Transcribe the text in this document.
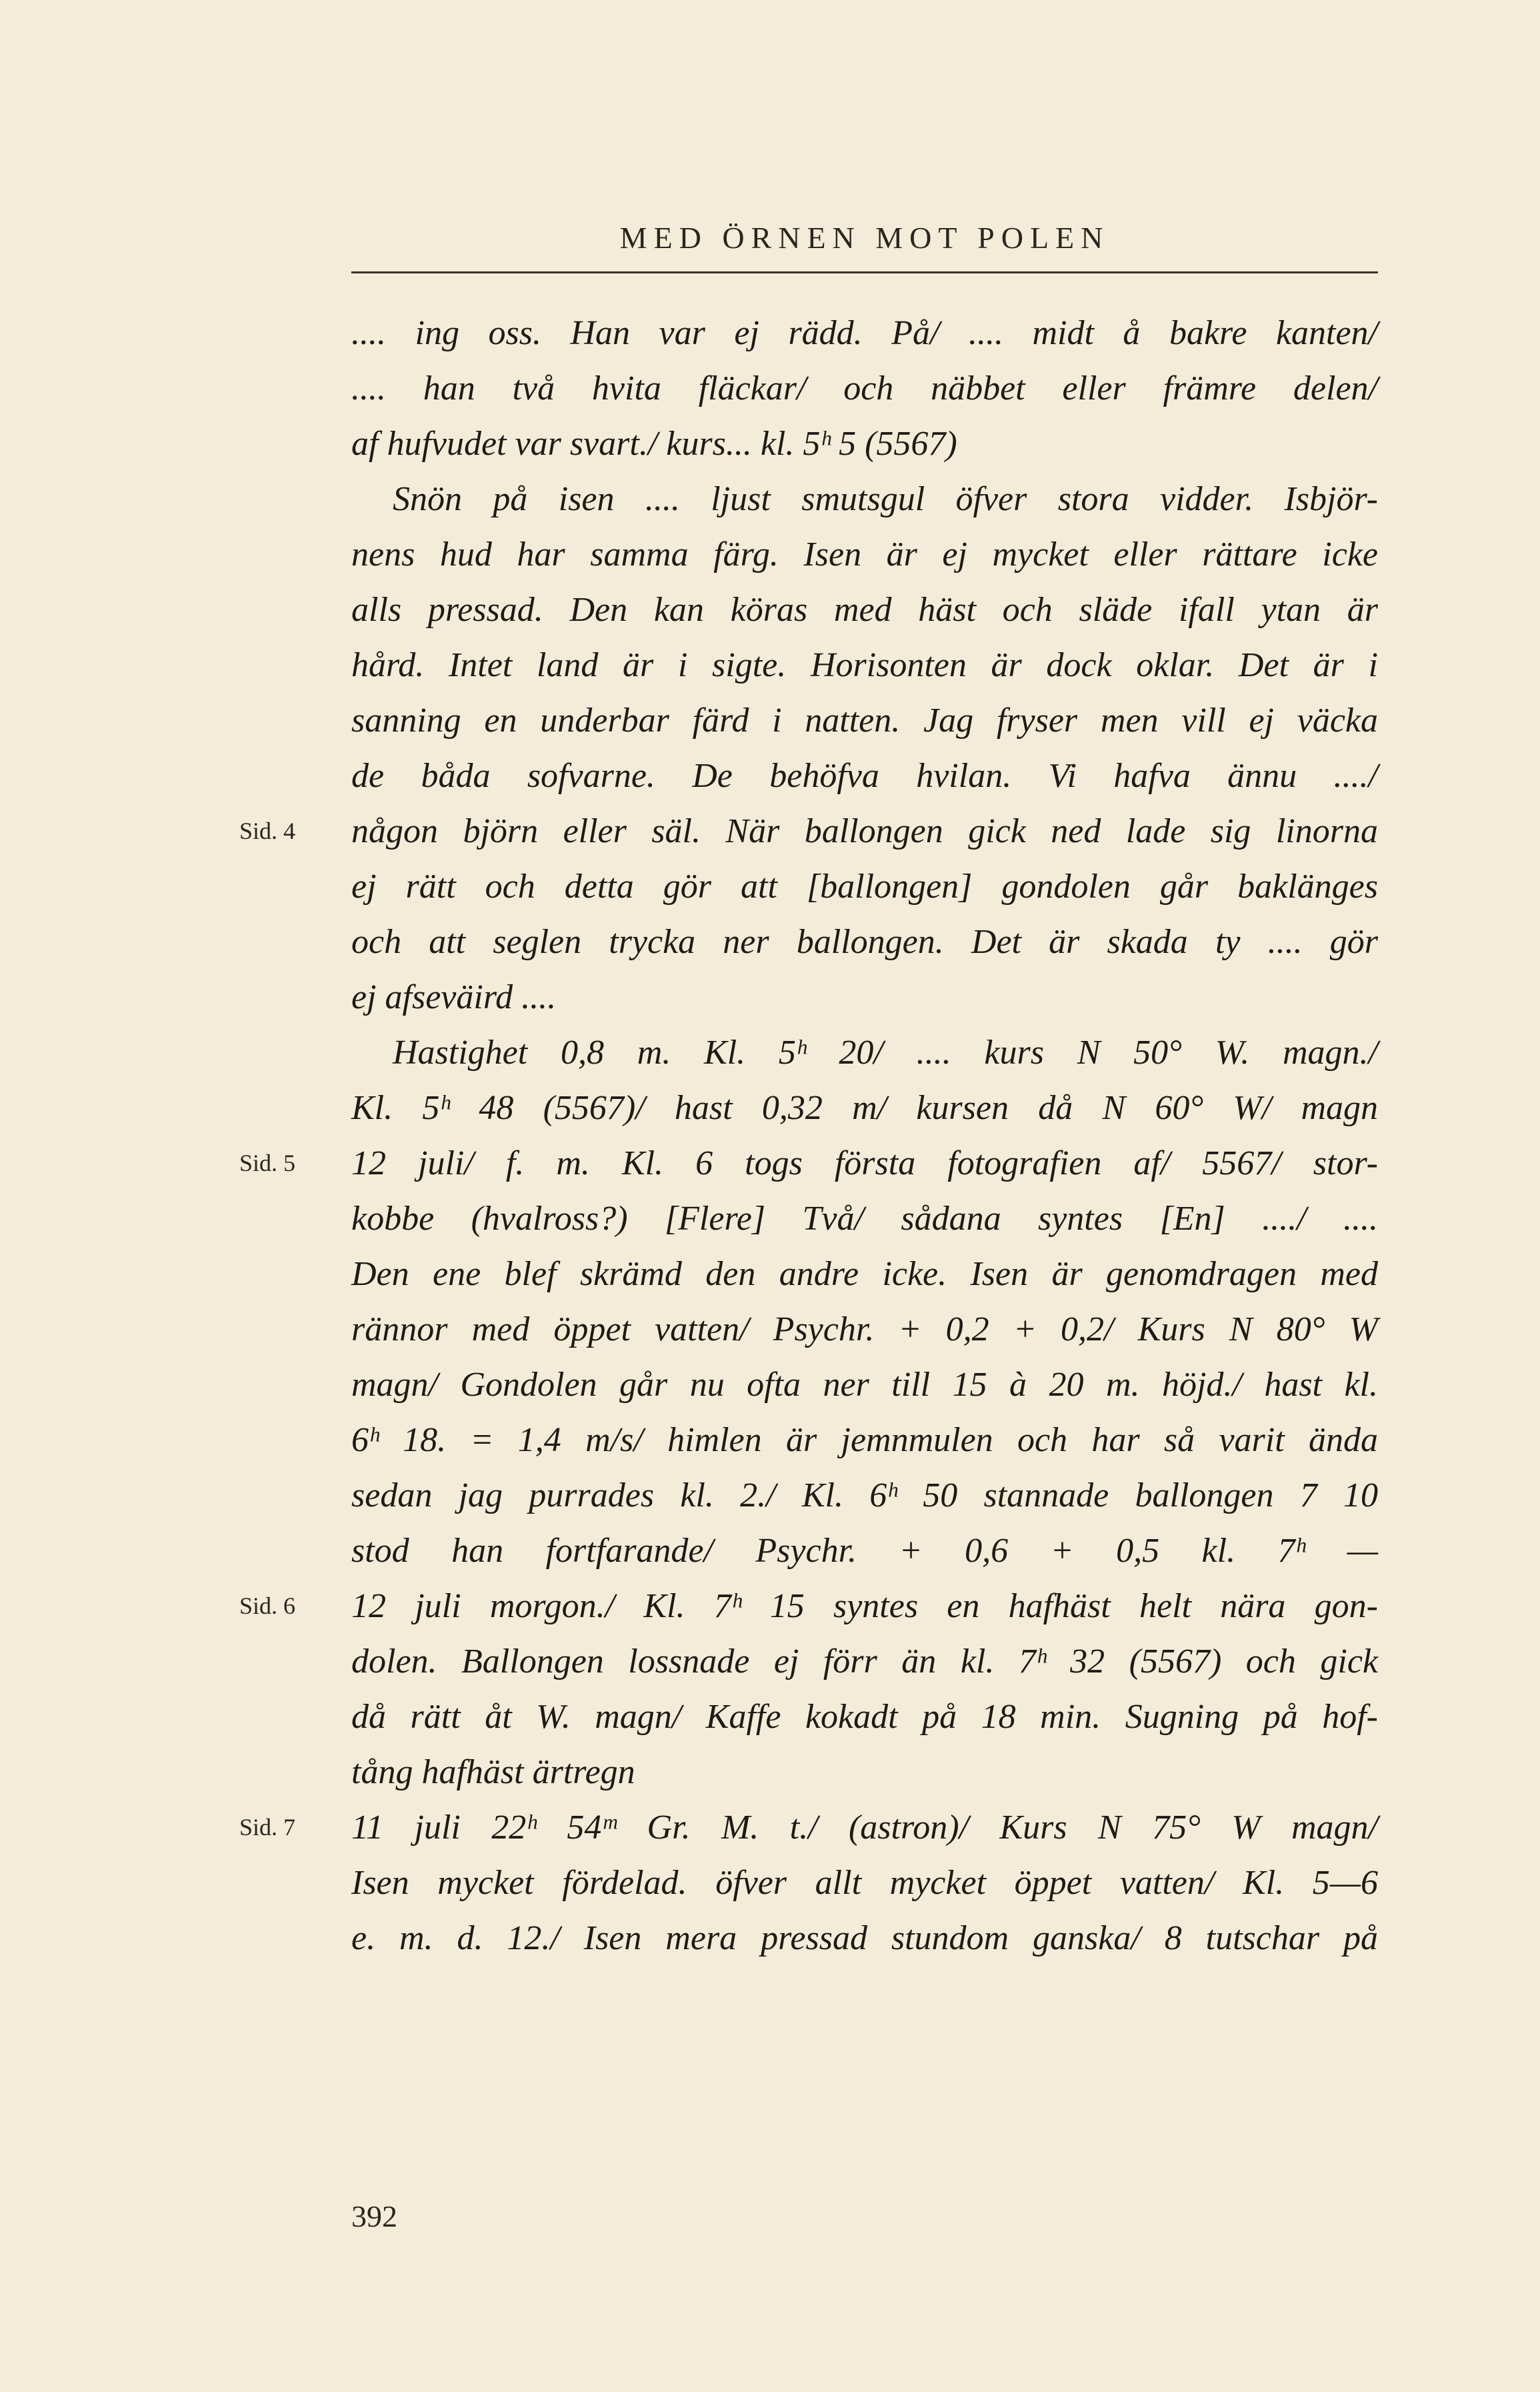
MED ÖRNEN MOT POLEN
.... ing oss. Han var ej rädd. På/ .... midt å bakre kanten/
.... han två hvita fläckar/ och näbbet eller främre delen/
af hufvudet var svart./ kurs... kl. 5ʰ 5 (5567)
Snön på isen .... ljust smutsgul öfver stora vidder. Isbjör-
nens hud har samma färg. Isen är ej mycket eller rättare icke
alls pressad. Den kan köras med häst och släde ifall ytan är
hård. Intet land är i sigte. Horisonten är dock oklar. Det är i
sanning en underbar färd i natten. Jag fryser men vill ej väcka
de båda sofvarne. De behöfva hvilan. Vi hafva ännu ..../
någon björn eller säl. När ballongen gick ned lade sig linorna
Sid. 4
ej rätt och detta gör att [ballongen] gondolen går baklänges
och att seglen trycka ner ballongen. Det är skada ty .... gör
ej afseväird ....
Hastighet 0,8 m. Kl. 5ʰ 20/ .... kurs N 50° W. magn./
Kl. 5ʰ 48 (5567)/ hast 0,32 m/ kursen då N 60° W/ magn
12 juli/ f. m. Kl. 6 togs första fotografien af/ 5567/ stor-
Sid. 5
kobbe (hvalross?) [Flere] Två/ sådana syntes [En] ..../ ....
Den ene blef skrämd den andre icke. Isen är genomdragen med
rännor med öppet vatten/ Psychr. + 0,2 + 0,2/ Kurs N 80° W
magn/ Gondolen går nu ofta ner till 15 à 20 m. höjd./ hast kl.
6ʰ 18. = 1,4 m/s/ himlen är jemnmulen och har så varit ända
sedan jag purrades kl. 2./ Kl. 6ʰ 50 stannade ballongen 7 10
stod han fortfarande/ Psychr. + 0,6 + 0,5 kl. 7ʰ —
12 juli morgon./ Kl. 7ʰ 15 syntes en hafhäst helt nära gon-
Sid. 6
dolen. Ballongen lossnade ej förr än kl. 7ʰ 32 (5567) och gick
då rätt åt W. magn/ Kaffe kokadt på 18 min. Sugning på hof-
tång hafhäst ärtregn
11 juli 22ʰ 54ᵐ Gr. M. t./ (astron)/ Kurs N 75° W magn/
Sid. 7
Isen mycket fördelad. öfver allt mycket öppet vatten/ Kl. 5—6
e. m. d. 12./ Isen mera pressad stundom ganska/ 8 tutschar på
392
